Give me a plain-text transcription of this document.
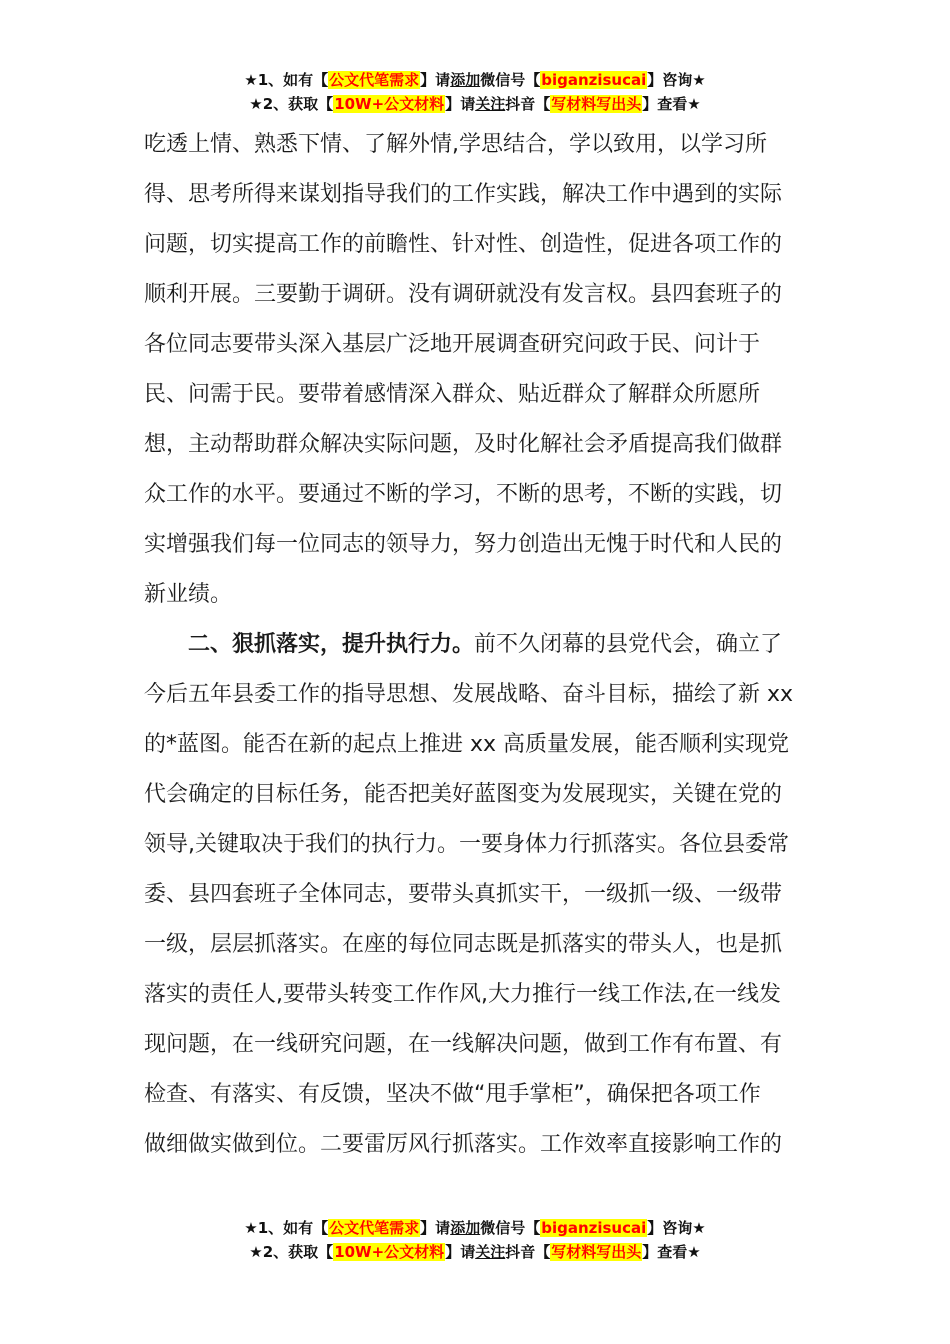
★1、如有【公文代笔需求】请添加微信号【biganzisucai】咨询★
★2、获取【10W+公文材料】请关注抖音【写材料写出头】查看★
吃透上情、熟悉下情、了解外情,学思结合，学以致用，以学习所
得、思考所得来谋划指导我们的工作实践，解决工作中遇到的实际
问题，切实提高工作的前瞻性、针对性、创造性，促进各项工作的
顺利开展。三要勤于调研。没有调研就没有发言权。县四套班子的
各位同志要带头深入基层广泛地开展调查研究问政于民、问计于
民、问需于民。要带着感情深入群众、贴近群众了解群众所愿所
想，主动帮助群众解决实际问题，及时化解社会矛盾提高我们做群
众工作的水平。要通过不断的学习，不断的思考，不断的实践，切
实增强我们每一位同志的领导力，努力创造出无愧于时代和人民的
新业绩。
二、狠抓落实，提升执行力。前不久闭幕的县党代会，确立了
今后五年县委工作的指导思想、发展战略、奋斗目标，描绘了新 xx
的*蓝图。能否在新的起点上推进 xx 高质量发展，能否顺利实现党
代会确定的目标任务，能否把美好蓝图变为发展现实，关键在党的
领导,关键取决于我们的执行力。一要身体力行抓落实。各位县委常
委、县四套班子全体同志，要带头真抓实干，一级抓一级、一级带
一级，层层抓落实。在座的每位同志既是抓落实的带头人，也是抓
落实的责任人,要带头转变工作作风,大力推行一线工作法,在一线发
现问题，在一线研究问题，在一线解决问题，做到工作有布置、有
检查、有落实、有反馈，坚决不做“甩手掌柜”，确保把各项工作
做细做实做到位。二要雷厉风行抓落实。工作效率直接影响工作的
★1、如有【公文代笔需求】请添加微信号【biganzisucai】咨询★
★2、获取【10W+公文材料】请关注抖音【写材料写出头】查看★
